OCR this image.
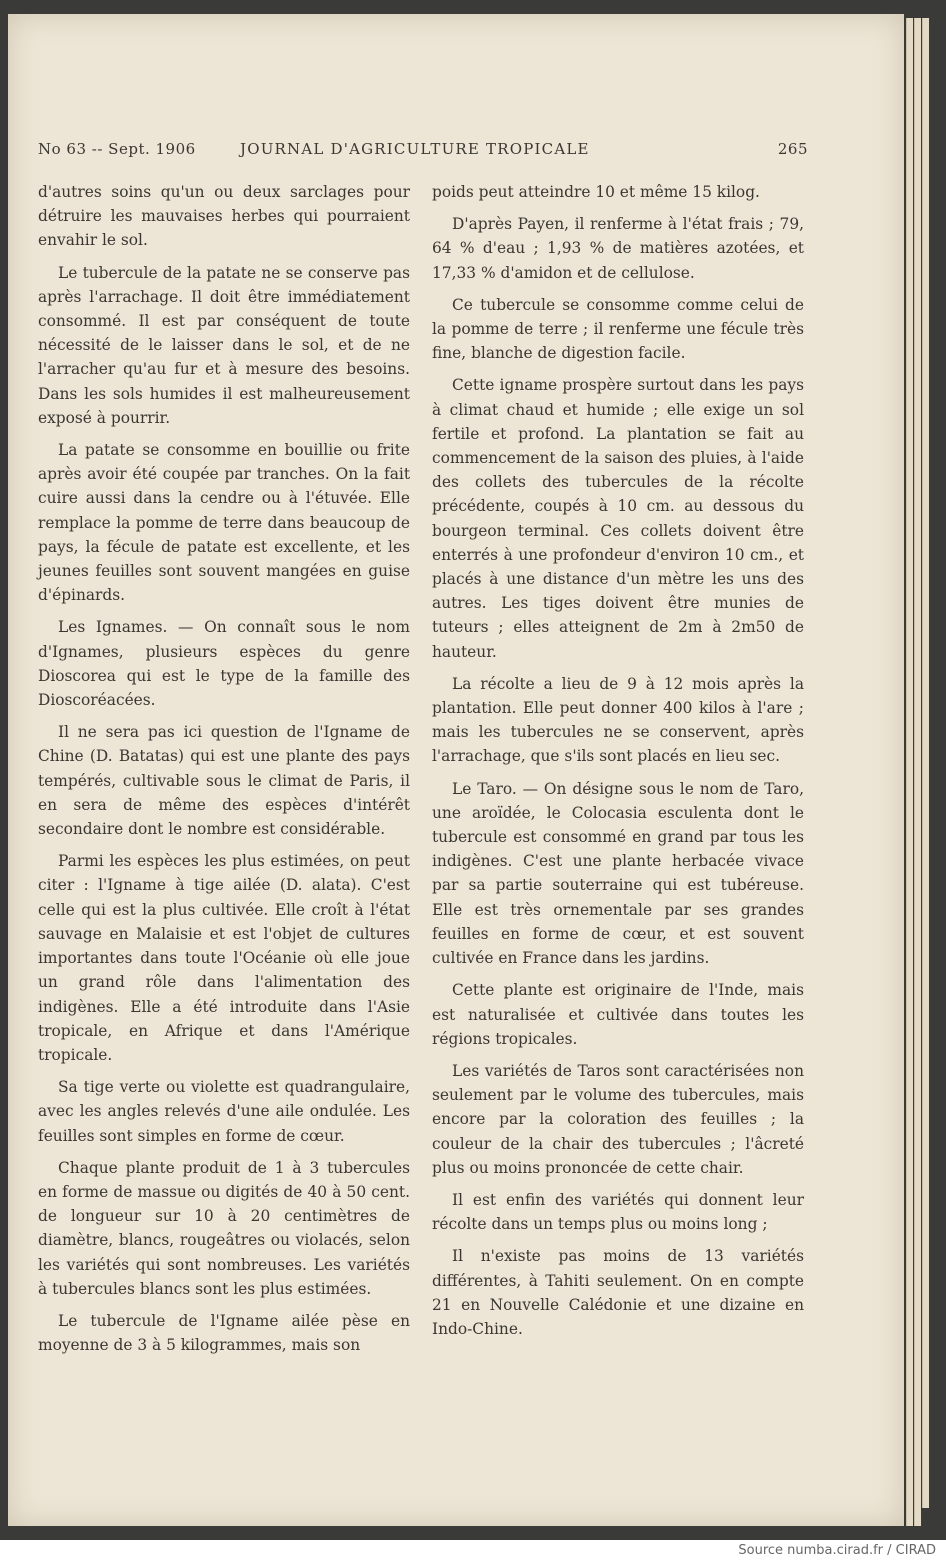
No 63 -- Sept. 1906	JOURNAL D'AGRICULTURE TROPICALE	265

d'autres soins qu'un ou deux sarclages pour détruire les mauvaises herbes qui pourraient envahir le sol.

Le tubercule de la patate ne se conserve pas après l'arrachage. Il doit être immédiatement consommé. Il est par conséquent de toute nécessité de le laisser dans le sol, et de ne l'arracher qu'au fur et à mesure des besoins. Dans les sols humides il est malheureusement exposé à pourrir.

La patate se consomme en bouillie ou frite après avoir été coupée par tranches. On la fait cuire aussi dans la cendre ou à l'étuvée. Elle remplace la pomme de terre dans beaucoup de pays, la fécule de patate est excellente, et les jeunes feuilles sont souvent mangées en guise d'épinards.

Les Ignames. — On connaît sous le nom d'Ignames, plusieurs espèces du genre Dioscorea qui est le type de la famille des Dioscoréacées.

Il ne sera pas ici question de l'Igname de Chine (D. Batatas) qui est une plante des pays tempérés, cultivable sous le climat de Paris, il en sera de même des espèces d'intérêt secondaire dont le nombre est considérable.

Parmi les espèces les plus estimées, on peut citer : l'Igname à tige ailée (D. alata). C'est celle qui est la plus cultivée. Elle croît à l'état sauvage en Malaisie et est l'objet de cultures importantes dans toute l'Océanie où elle joue un grand rôle dans l'alimentation des indigènes. Elle a été introduite dans l'Asie tropicale, en Afrique et dans l'Amérique tropicale.

Sa tige verte ou violette est quadrangulaire, avec les angles relevés d'une aile ondulée. Les feuilles sont simples en forme de cœur.

Chaque plante produit de 1 à 3 tubercules en forme de massue ou digités de 40 à 50 cent. de longueur sur 10 à 20 centimètres de diamètre, blancs, rougeâtres ou violacés, selon les variétés qui sont nombreuses. Les variétés à tubercules blancs sont les plus estimées.

Le tubercule de l'Igname ailée pèse en moyenne de 3 à 5 kilogrammes, mais son

poids peut atteindre 10 et même 15 kilog.

D'après Payen, il renferme à l'état frais ; 79, 64 % d'eau ; 1,93 % de matières azotées, et 17,33 % d'amidon et de cellulose.

Ce tubercule se consomme comme celui de la pomme de terre ; il renferme une fécule très fine, blanche de digestion facile.

Cette igname prospère surtout dans les pays à climat chaud et humide ; elle exige un sol fertile et profond. La plantation se fait au commencement de la saison des pluies, à l'aide des collets des tubercules de la récolte précédente, coupés à 10 cm. au dessous du bourgeon terminal. Ces collets doivent être enterrés à une profondeur d'environ 10 cm., et placés à une distance d'un mètre les uns des autres. Les tiges doivent être munies de tuteurs ; elles atteignent de 2m à 2m50 de hauteur.

La récolte a lieu de 9 à 12 mois après la plantation. Elle peut donner 400 kilos à l'are ; mais les tubercules ne se conservent, après l'arrachage, que s'ils sont placés en lieu sec.

Le Taro. — On désigne sous le nom de Taro, une aroïdée, le Colocasia esculenta dont le tubercule est consommé en grand par tous les indigènes. C'est une plante herbacée vivace par sa partie souterraine qui est tubéreuse. Elle est très ornementale par ses grandes feuilles en forme de cœur, et est souvent cultivée en France dans les jardins.

Cette plante est originaire de l'Inde, mais est naturalisée et cultivée dans toutes les régions tropicales.

Les variétés de Taros sont caractérisées non seulement par le volume des tubercules, mais encore par la coloration des feuilles ; la couleur de la chair des tubercules ; l'âcreté plus ou moins prononcée de cette chair.

Il est enfin des variétés qui donnent leur récolte dans un temps plus ou moins long ;

Il n'existe pas moins de 13 variétés différentes, à Tahiti seulement. On en compte 21 en Nouvelle Calédonie et une dizaine en Indo-Chine.

Source numba.cirad.fr / CIRAD
